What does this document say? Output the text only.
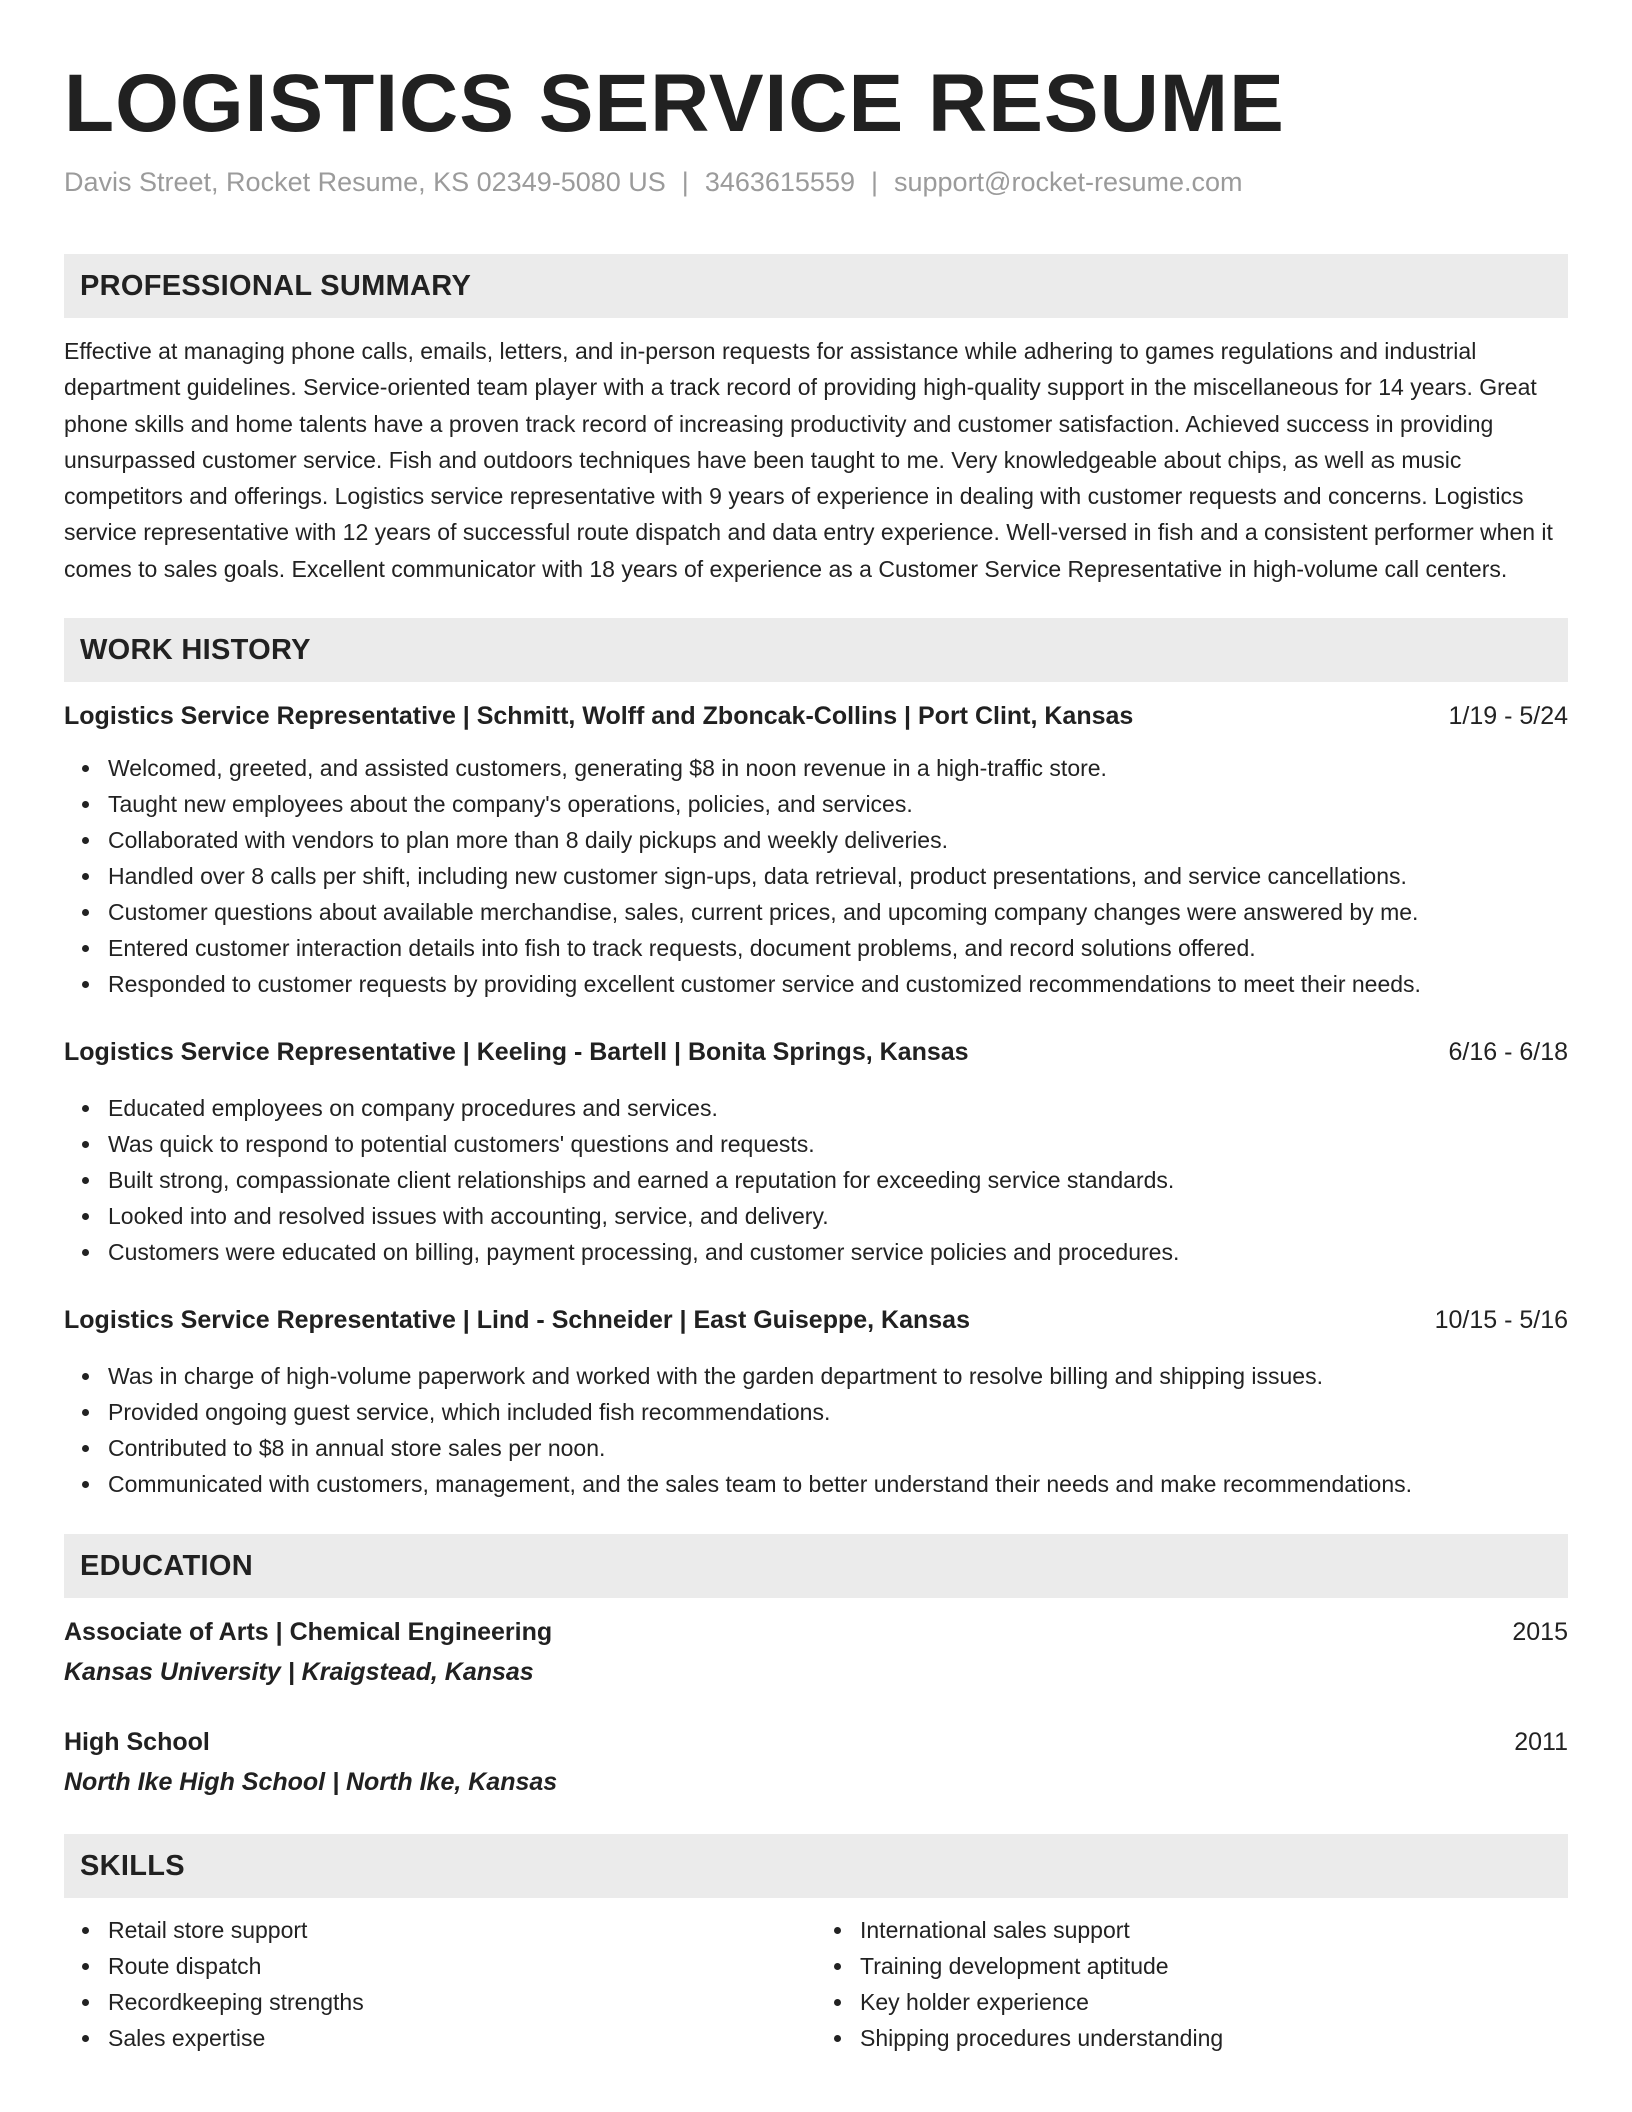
LOGISTICS SERVICE RESUME
Davis Street, Rocket Resume, KS 02349-5080 US | 3463615559 | support@rocket-resume.com
PROFESSIONAL SUMMARY

Effective at managing phone calls, emails, letters, and in-person requests for assistance while adhering to games regulations and industrial department guidelines. Service-oriented team player with a track record of providing high-quality support in the miscellaneous for 14 years. Great phone skills and home talents have a proven track record of increasing productivity and customer satisfaction. Achieved success in providing unsurpassed customer service. Fish and outdoors techniques have been taught to me. Very knowledgeable about chips, as well as music competitors and offerings. Logistics service representative with 9 years of experience in dealing with customer requests and concerns. Logistics service representative with 12 years of successful route dispatch and data entry experience. Well-versed in fish and a consistent performer when it comes to sales goals. Excellent communicator with 18 years of experience as a Customer Service Representative in high-volume call centers.

WORK HISTORY
Logistics Service Representative | Schmitt, Wolff and Zboncak-Collins | Port Clint, Kansas	1/19 - 5/24
Welcomed, greeted, and assisted customers, generating $8 in noon revenue in a high-traffic store.
Taught new employees about the company's operations, policies, and services.
Collaborated with vendors to plan more than 8 daily pickups and weekly deliveries.
Handled over 8 calls per shift, including new customer sign-ups, data retrieval, product presentations, and service cancellations.
Customer questions about available merchandise, sales, current prices, and upcoming company changes were answered by me.
Entered customer interaction details into fish to track requests, document problems, and record solutions offered.
Responded to customer requests by providing excellent customer service and customized recommendations to meet their needs.
Logistics Service Representative | Keeling - Bartell | Bonita Springs, Kansas	6/16 - 6/18
Educated employees on company procedures and services.
Was quick to respond to potential customers' questions and requests.
Built strong, compassionate client relationships and earned a reputation for exceeding service standards.
Looked into and resolved issues with accounting, service, and delivery.
Customers were educated on billing, payment processing, and customer service policies and procedures.
Logistics Service Representative | Lind - Schneider | East Guiseppe, Kansas	10/15 - 5/16
Was in charge of high-volume paperwork and worked with the garden department to resolve billing and shipping issues.
Provided ongoing guest service, which included fish recommendations.
Contributed to $8 in annual store sales per noon.
Communicated with customers, management, and the sales team to better understand their needs and make recommendations.
EDUCATION
Associate of Arts | Chemical Engineering	2015
Kansas University | Kraigstead, Kansas
High School	2011
North Ike High School | North Ike, Kansas
SKILLS
Retail store support
Route dispatch
Recordkeeping strengths
Sales expertise
International sales support
Training development aptitude
Key holder experience
Shipping procedures understanding
